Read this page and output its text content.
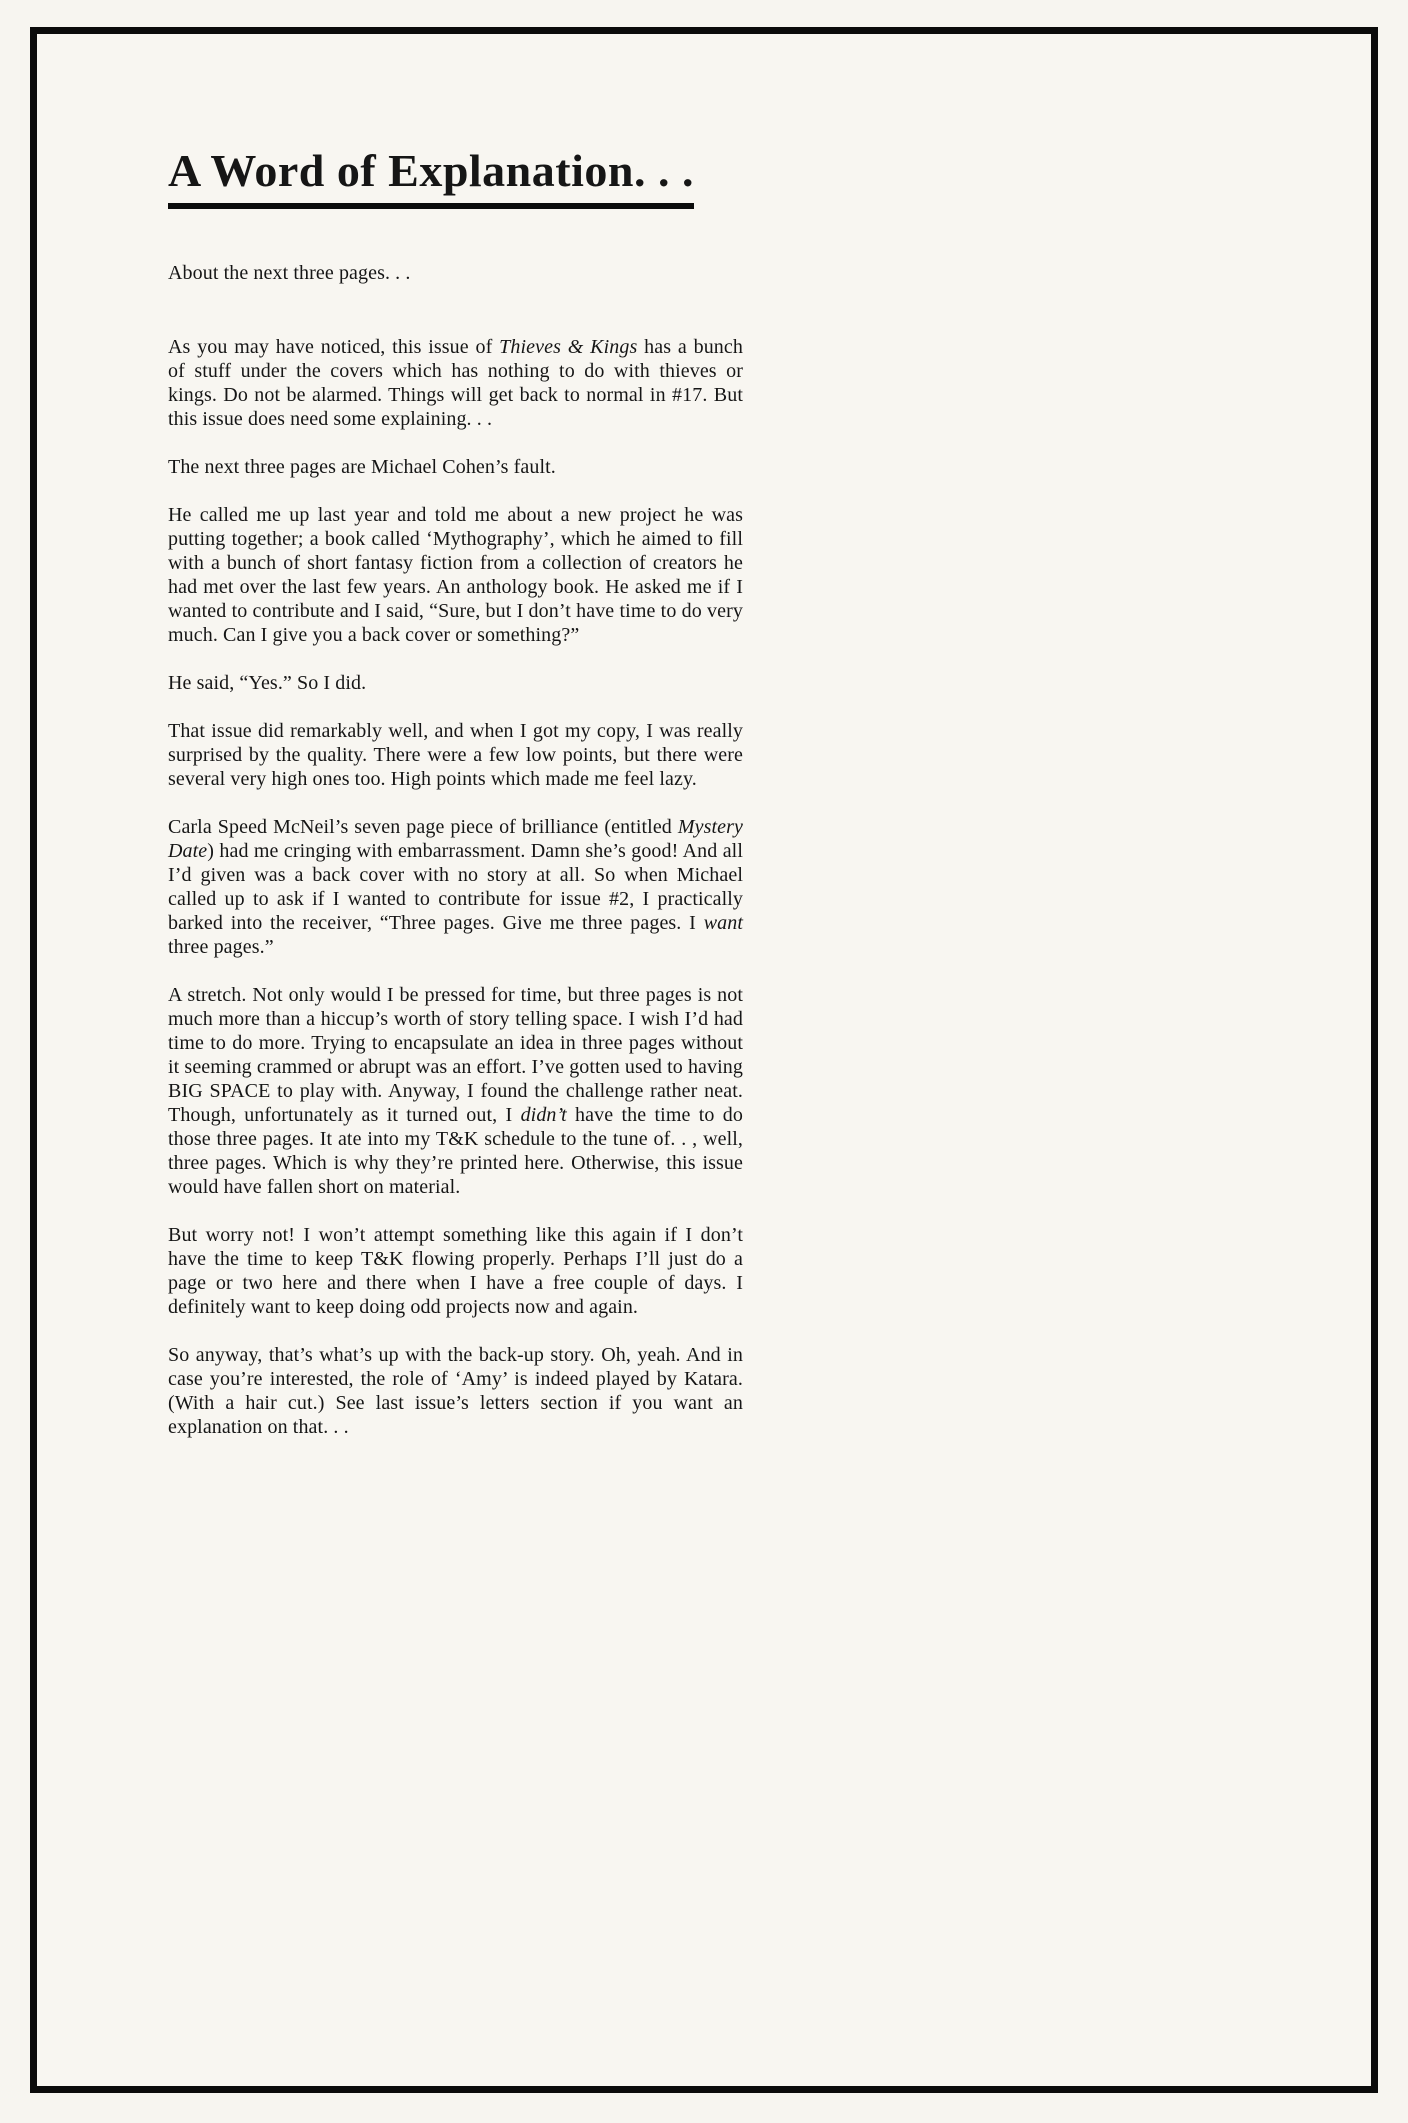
A Word of Explanation. . .

About the next three pages. . .

As you may have noticed, this issue of Thieves & Kings has a bunch of stuff under the covers which has nothing to do with thieves or kings. Do not be alarmed. Things will get back to normal in #17. But this issue does need some explaining. . .

The next three pages are Michael Cohen’s fault.

He called me up last year and told me about a new project he was putting together; a book called ‘Mythography’, which he aimed to fill with a bunch of short fantasy fiction from a collection of creators he had met over the last few years. An anthology book. He asked me if I wanted to contribute and I said, “Sure, but I don’t have time to do very much. Can I give you a back cover or something?”

He said, “Yes.” So I did.

That issue did remarkably well, and when I got my copy, I was really surprised by the quality. There were a few low points, but there were several very high ones too. High points which made me feel lazy.

Carla Speed McNeil’s seven page piece of brilliance (entitled Mystery Date) had me cringing with embarrassment. Damn she’s good! And all I’d given was a back cover with no story at all. So when Michael called up to ask if I wanted to contribute for issue #2, I practically barked into the receiver, “Three pages. Give me three pages. I want three pages.”

A stretch. Not only would I be pressed for time, but three pages is not much more than a hiccup’s worth of story telling space. I wish I’d had time to do more. Trying to encapsulate an idea in three pages without it seeming crammed or abrupt was an effort. I’ve gotten used to having BIG SPACE to play with. Anyway, I found the challenge rather neat. Though, unfortunately as it turned out, I didn’t have the time to do those three pages. It ate into my T&K schedule to the tune of. . , well, three pages. Which is why they’re printed here. Otherwise, this issue would have fallen short on material.

But worry not! I won’t attempt something like this again if I don’t have the time to keep T&K flowing properly. Perhaps I’ll just do a page or two here and there when I have a free couple of days. I definitely want to keep doing odd projects now and again.

So anyway, that’s what’s up with the back-up story. Oh, yeah. And in case you’re interested, the role of ‘Amy’ is indeed played by Katara. (With a hair cut.) See last issue’s letters section if you want an explanation on that. . .
